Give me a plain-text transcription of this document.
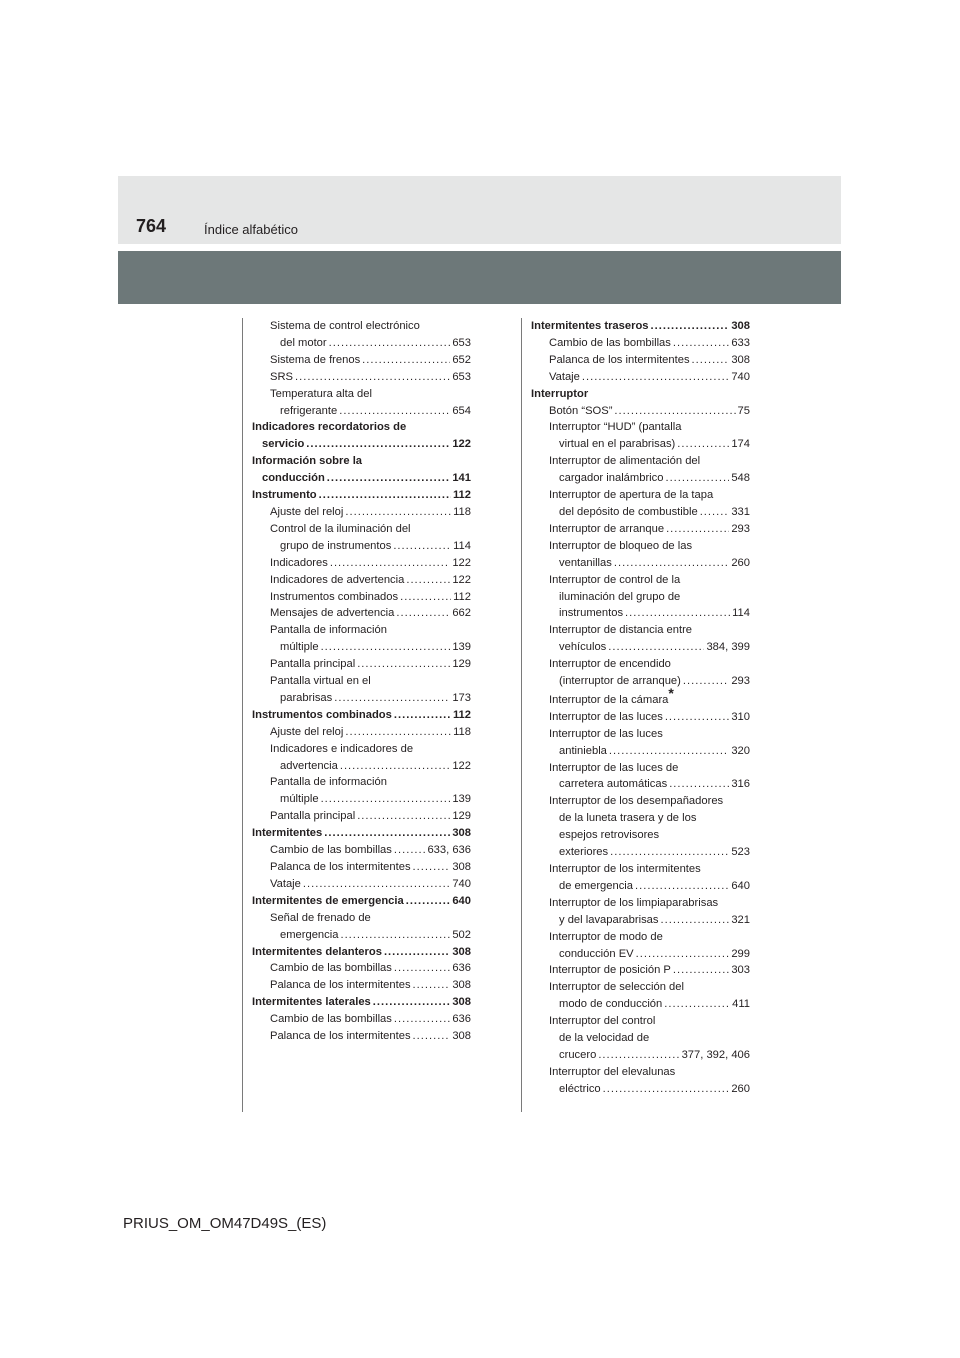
764	Índice alfabético
Sistema de control electrónico
del motor .....	653
Sistema de frenos .....	652
SRS .....	653
Temperatura alta del
refrigerante .....	654
Indicadores recordatorios de
servicio .....	122
Información sobre la
conducción .....	141
Instrumento .....	112
Ajuste del reloj .....	118
Control de la iluminación del
grupo de instrumentos .....	114
Indicadores .....	122
Indicadores de advertencia .....	122
Instrumentos combinados .....	112
Mensajes de advertencia .....	662
Pantalla de información
múltiple .....	139
Pantalla principal .....	129
Pantalla virtual en el
parabrisas .....	173
Instrumentos combinados .....	112
Ajuste del reloj .....	118
Indicadores e indicadores de
advertencia .....	122
Pantalla de información
múltiple .....	139
Pantalla principal .....	129
Intermitentes .....	308
Cambio de las bombillas .....	633, 636
Palanca de los intermitentes .....	308
Vataje .....	740
Intermitentes de emergencia .....	640
Señal de frenado de
emergencia .....	502
Intermitentes delanteros .....	308
Cambio de las bombillas .....	636
Palanca de los intermitentes .....	308
Intermitentes laterales .....	308
Cambio de las bombillas .....	636
Palanca de los intermitentes .....	308
Intermitentes traseros .....	308
Cambio de las bombillas .....	633
Palanca de los intermitentes .....	308
Vataje .....	740
Interruptor
Botón “SOS” .....	75
Interruptor “HUD” (pantalla
virtual en el parabrisas) .....	174
Interruptor de alimentación del
cargador inalámbrico .....	548
Interruptor de apertura de la tapa
del depósito de combustible .....	331
Interruptor de arranque .....	293
Interruptor de bloqueo de las
ventanillas .....	260
Interruptor de control de la
iluminación del grupo de
instrumentos .....	114
Interruptor de distancia entre
vehículos .....	384, 399
Interruptor de encendido
(interruptor de arranque) .....	293
Interruptor de la cámara*
Interruptor de las luces .....	310
Interruptor de las luces
antiniebla .....	320
Interruptor de las luces de
carretera automáticas .....	316
Interruptor de los desempañadores
de la luneta trasera y de los
espejos retrovisores
exteriores .....	523
Interruptor de los intermitentes
de emergencia .....	640
Interruptor de los limpiaparabrisas
y del lavaparabrisas .....	321
Interruptor de modo de
conducción EV .....	299
Interruptor de posición P .....	303
Interruptor de selección del
modo de conducción .....	411
Interruptor del control
de la velocidad de
crucero .....	377, 392, 406
Interruptor del elevalunas
eléctrico .....	260
PRIUS_OM_OM47D49S_(ES)
